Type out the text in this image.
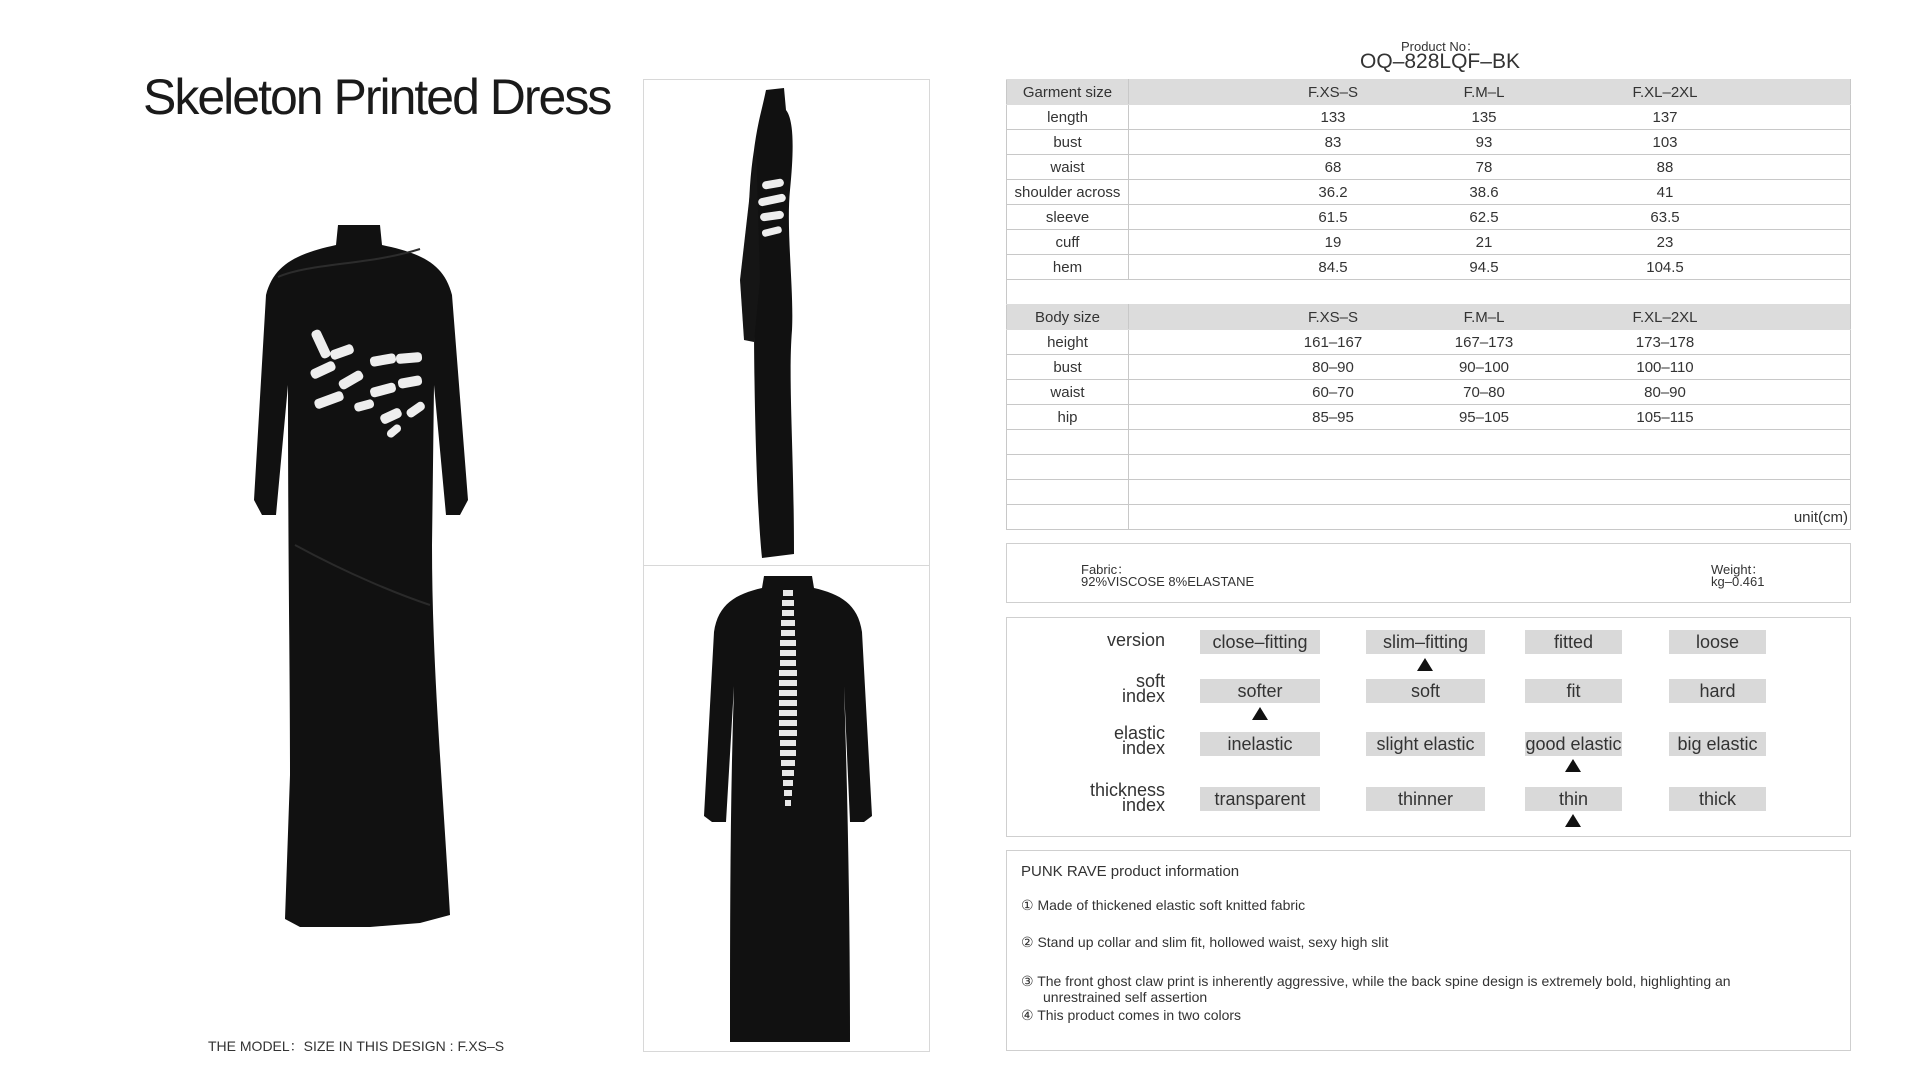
Skeleton Printed Dress
THE MODEL：SIZE IN THIS DESIGN : F.XS–S
Product No：
OQ–828LQF–BK
Garment size	F.XS–S F.M–L F.XL–2XL

length	133 135 137

bust	83 93 103

waist	68 78 88

shoulder across	36.2 38.6 41

sleeve	61.5 62.5 63.5

cuff	19 21 23

hem	84.5 94.5 104.5

Body size	F.XS–S F.M–L F.XL–2XL

height	161–167 167–173 173–178

bust	80–90 90–100 100–110

waist	60–70 70–80 80–90

hip	85–95 95–105 105–115

	unit(cm)
Fabric：
92%VISCOSE 8%ELASTANE
Weight：
kg–0.461
version	close–fitting	slim–fitting	fitted	loose
soft
index	softer	soft	fit	hard
elastic
index	inelastic	slight elastic	good elastic	big elastic
thickness
index	transparent	thinner	thin	thick
PUNK RAVE product information
① Made of thickened elastic soft knitted fabric
② Stand up collar and slim fit, hollowed waist, sexy high slit
③ The front ghost claw print is inherently aggressive, while the back spine design is extremely bold, highlighting an
unrestrained self assertion
④ This product comes in two colors
